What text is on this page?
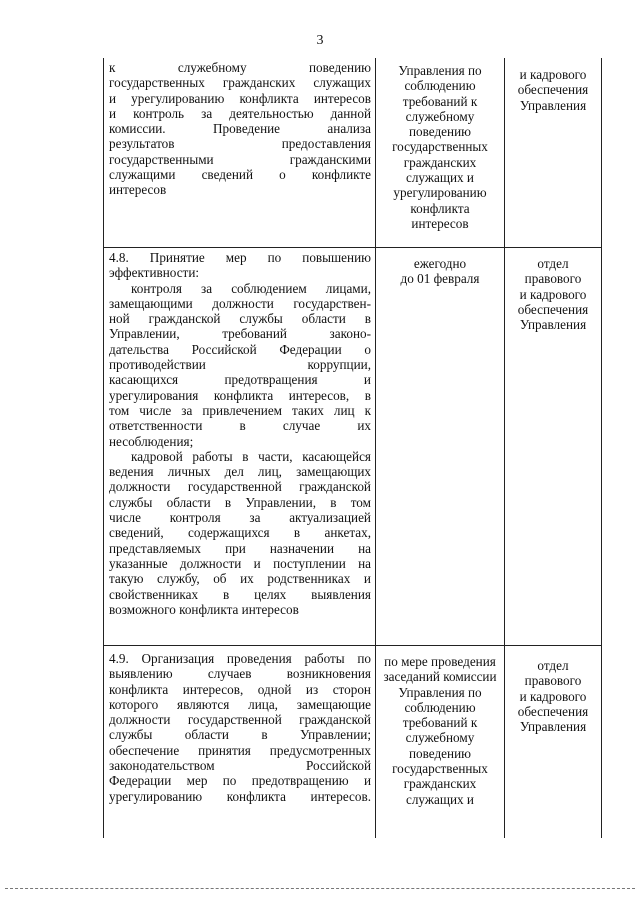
3
к служебному поведению
государственных гражданских служащих
и урегулированию конфликта интересов
и контроль за деятельностью данной
комиссии. Проведение анализа
результатов предоставления
государственными гражданскими
служащими сведений о конфликте
интересов
Управления по
соблюдению
требований к
служебному
поведению
государственных
гражданских
служащих и
урегулированию
конфликта
интересов
и кадрового
обеспечения
Управления
4.8. Принятие мер по повышению
эффективности:
контроля за соблюдением лицами,
замещающими должности государствен-
ной гражданской службы области в
Управлении, требований законо-
дательства Российской Федерации о
противодействии коррупции,
касающихся предотвращения и
урегулирования конфликта интересов, в
том числе за привлечением таких лиц к
ответственности в случае их
несоблюдения;
кадровой работы в части, касающейся
ведения личных дел лиц, замещающих
должности государственной гражданской
службы области в Управлении, в том
числе контроля за актуализацией
сведений, содержащихся в анкетах,
представляемых при назначении на
указанные должности и поступлении на
такую службу, об их родственниках и
свойственниках в целях выявления
возможного конфликта интересов
ежегодно
до 01 февраля
отдел
правового
и кадрового
обеспечения
Управления
4.9. Организация проведения работы по
выявлению случаев возникновения
конфликта интересов, одной из сторон
которого являются лица, замещающие
должности государственной гражданской
службы области в Управлении;
обеспечение принятия предусмотренных
законодательством Российской
Федерации мер по предотвращению и
урегулированию конфликта интересов.
по мере проведения
заседаний комиссии
Управления по
соблюдению
требований к
служебному
поведению
государственных
гражданских
служащих и
отдел
правового
и кадрового
обеспечения
Управления
